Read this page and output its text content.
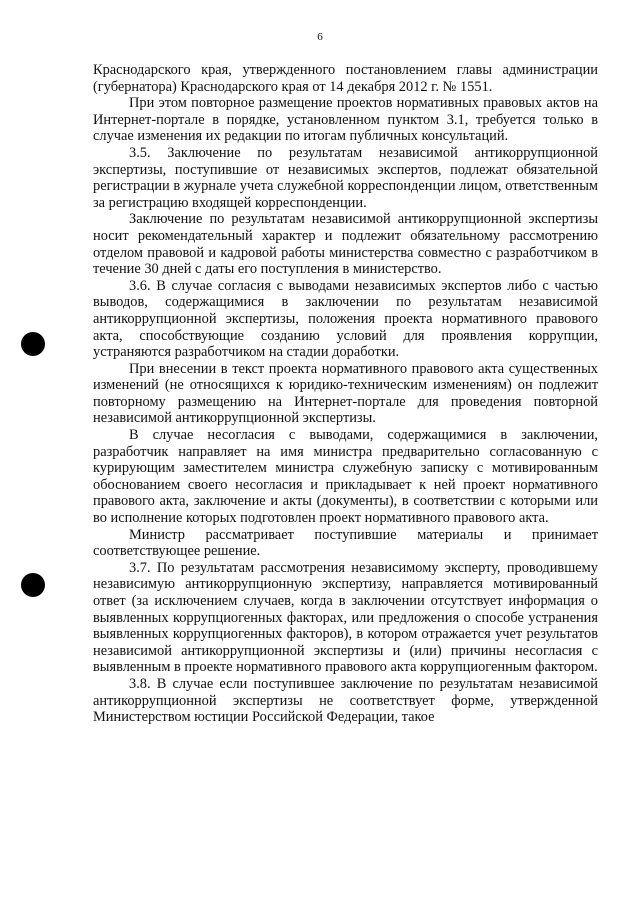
6

Краснодарского края, утвержденного постановлением главы администрации (губернатора) Краснодарского края от 14 декабря 2012 г. № 1551.

При этом повторное размещение проектов нормативных правовых актов на Интернет-портале в порядке, установленном пунктом 3.1, требуется только в случае изменения их редакции по итогам публичных консультаций.

3.5. Заключение по результатам независимой антикоррупционной экспертизы, поступившие от независимых экспертов, подлежат обязательной регистрации в журнале учета служебной корреспонденции лицом, ответственным за регистрацию входящей корреспонденции.

Заключение по результатам независимой антикоррупционной экспертизы носит рекомендательный характер и подлежит обязательному рассмотрению отделом правовой и кадровой работы министерства совместно с разработчиком в течение 30 дней с даты его поступления в министерство.

3.6. В случае согласия с выводами независимых экспертов либо с частью выводов, содержащимися в заключении по результатам независимой антикоррупционной экспертизы, положения проекта нормативного правового акта, способствующие созданию условий для проявления коррупции, устраняются разработчиком на стадии доработки.

При внесении в текст проекта нормативного правового акта существенных изменений (не относящихся к юридико-техническим изменениям) он подлежит повторному размещению на Интернет-портале для проведения повторной независимой антикоррупционной экспертизы.

В случае несогласия с выводами, содержащимися в заключении, разработчик направляет на имя министра предварительно согласованную с курирующим заместителем министра служебную записку с мотивированным обоснованием своего несогласия и прикладывает к ней проект нормативного правового акта, заключение и акты (документы), в соответствии с которыми или во исполнение которых подготовлен проект нормативного правового акта.

Министр рассматривает поступившие материалы и принимает соответствующее решение.

3.7. По результатам рассмотрения независимому эксперту, проводившему независимую антикоррупционную экспертизу, направляется мотивированный ответ (за исключением случаев, когда в заключении отсутствует информация о выявленных коррупциогенных факторах, или предложения о способе устранения выявленных коррупциогенных факторов), в котором отражается учет результатов независимой антикоррупционной экспертизы и (или) причины несогласия с выявленным в проекте нормативного правового акта коррупциогенным фактором.

3.8. В случае если поступившее заключение по результатам независимой антикоррупционной экспертизы не соответствует форме, утвержденной Министерством юстиции Российской Федерации, такое
